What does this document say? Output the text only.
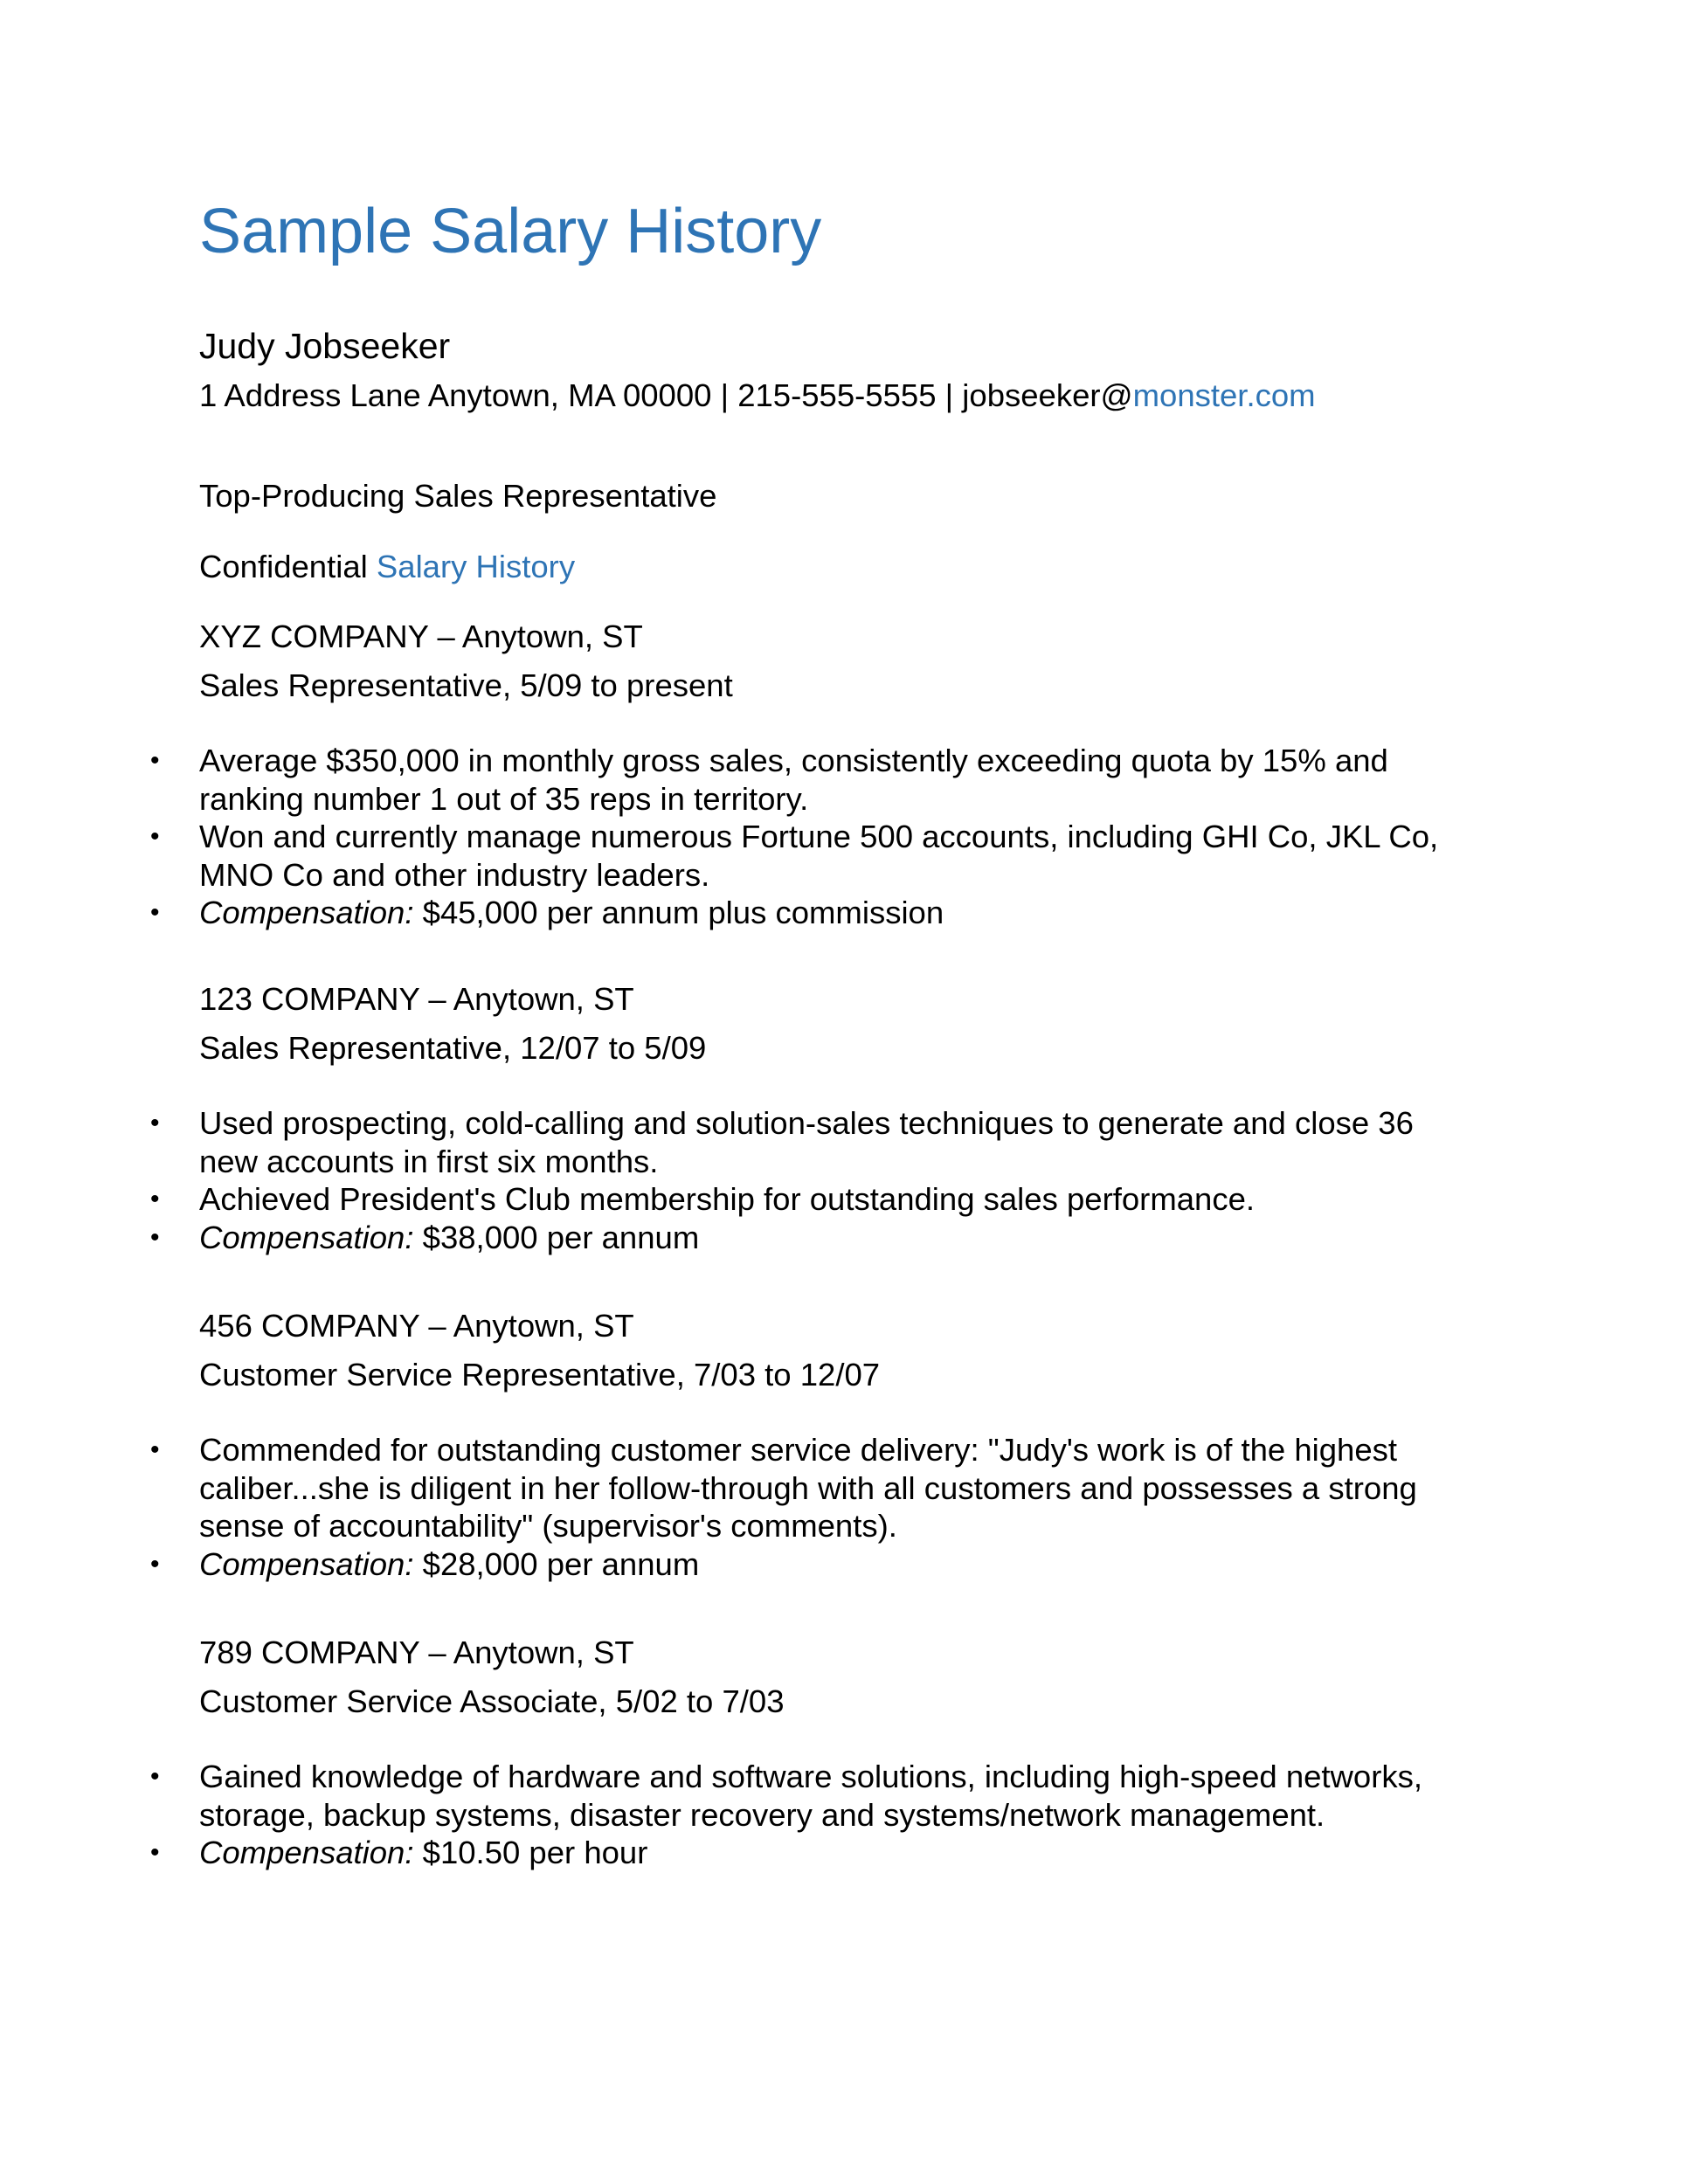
Sample Salary History
Judy Jobseeker
1 Address Lane Anytown, MA 00000 | 215-555-5555 | jobseeker@monster.com
Top-Producing Sales Representative
Confidential Salary History
XYZ COMPANY – Anytown, ST
Sales Representative, 5/09 to present
• Average $350,000 in monthly gross sales, consistently exceeding quota by 15% and ranking number 1 out of 35 reps in territory.
• Won and currently manage numerous Fortune 500 accounts, including GHI Co, JKL Co, MNO Co and other industry leaders.
• Compensation: $45,000 per annum plus commission
123 COMPANY – Anytown, ST
Sales Representative, 12/07 to 5/09
• Used prospecting, cold-calling and solution-sales techniques to generate and close 36 new accounts in first six months.
• Achieved President's Club membership for outstanding sales performance.
• Compensation: $38,000 per annum
456 COMPANY – Anytown, ST
Customer Service Representative, 7/03 to 12/07
• Commended for outstanding customer service delivery: "Judy's work is of the highest caliber...she is diligent in her follow-through with all customers and possesses a strong sense of accountability" (supervisor's comments).
• Compensation: $28,000 per annum
789 COMPANY – Anytown, ST
Customer Service Associate, 5/02 to 7/03
• Gained knowledge of hardware and software solutions, including high-speed networks, storage, backup systems, disaster recovery and systems/network management.
• Compensation: $10.50 per hour
